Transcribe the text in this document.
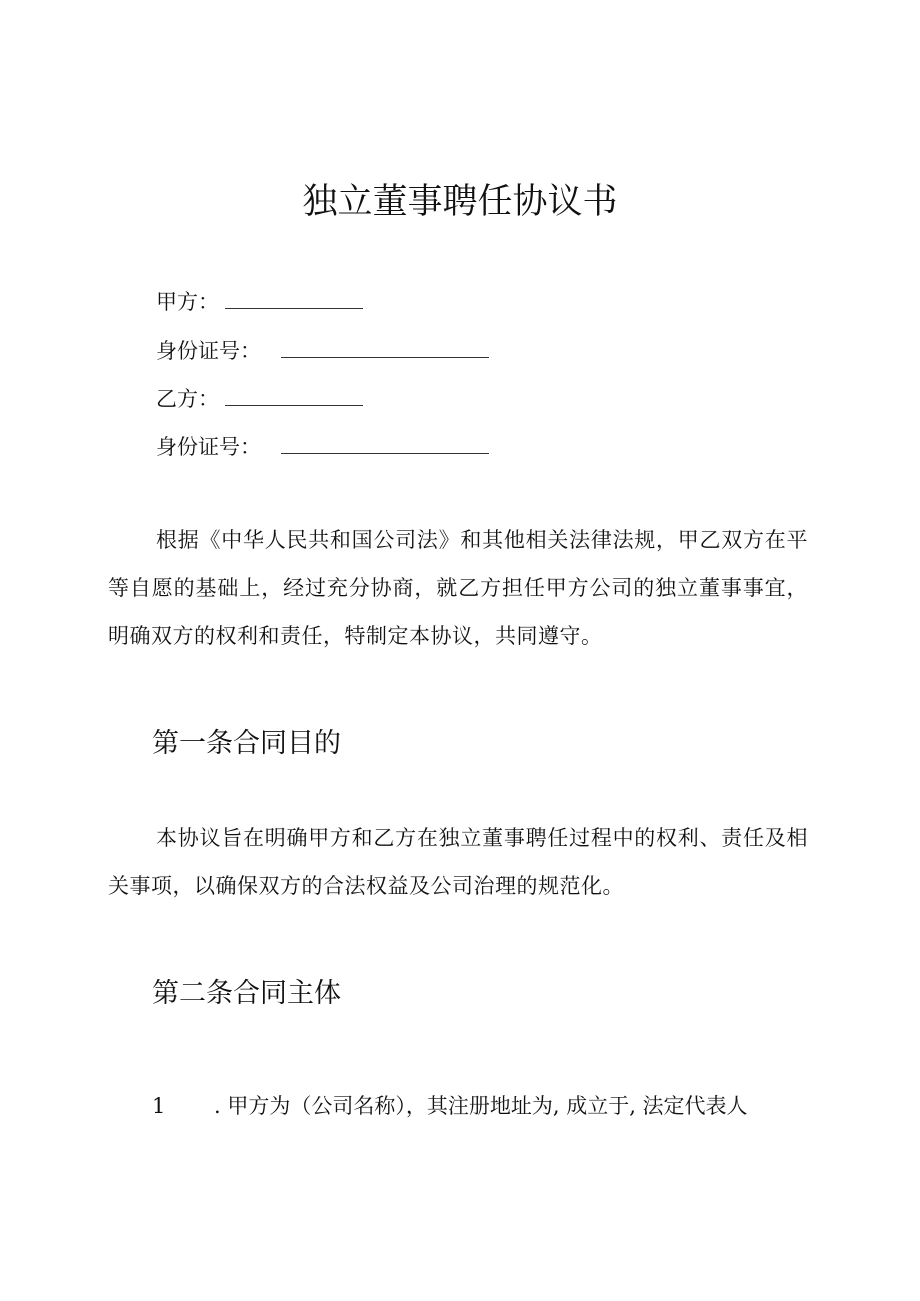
独立董事聘任协议书
甲方：
身份证号：
乙方：
身份证号：

根据《中华人民共和国公司法》和其他相关法律法规，甲乙双方在平等自愿的基础上，经过充分协商，就乙方担任甲方公司的独立董事事宜，明确双方的权利和责任，特制定本协议，共同遵守。

第一条合同目的

本协议旨在明确甲方和乙方在独立董事聘任过程中的权利、责任及相关事项，以确保双方的合法权益及公司治理的规范化。

第二条合同主体
1 . 甲方为（公司名称），其注册地址为, 成立于, 法定代表人
